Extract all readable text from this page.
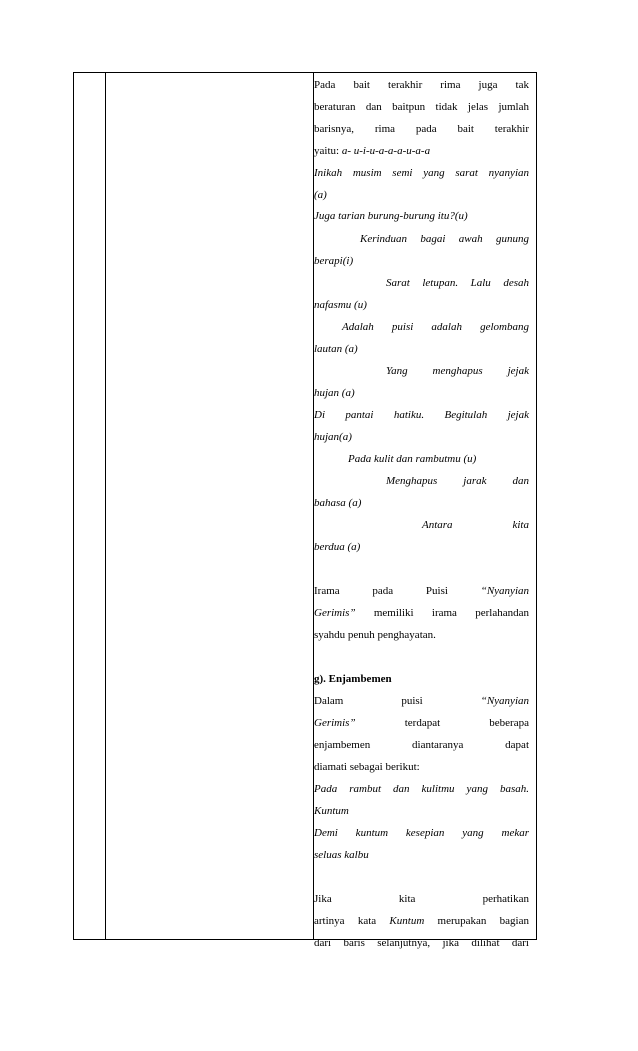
Pada bait terakhir rima juga tak
beraturan dan baitpun tidak jelas jumlah
barisnya, rima pada bait terakhir
yaitu: a- u-i-u-a-a-a-u-a-a
Inikah musim semi yang sarat nyanyian
(a)
Juga tarian burung-burung itu?(u)
Kerinduan bagai awah gunung
berapi(i)
Sarat letupan. Lalu desah
nafasmu (u)
Adalah puisi adalah gelombang
lautan (a)
Yang menghapus jejak
hujan (a)
Di pantai hatiku. Begitulah jejak
hujan(a)
Pada kulit dan rambutmu (u)
Menghapus jarak dan
bahasa (a)
Antara kita
berdua (a)

Irama pada Puisi “Nyanyian
Gerimis” memiliki irama perlahandan
syahdu penuh penghayatan.

g). Enjambemen
Dalam puisi “Nyanyian
Gerimis” terdapat beberapa
enjambemen diantaranya dapat
diamati sebagai berikut:
Pada rambut dan kulitmu yang basah.
Kuntum
Demi kuntum kesepian yang mekar
seluas kalbu

Jika kita perhatikan
artinya kata Kuntum merupakan bagian
dari baris selanjutnya, jika dilihat dari
